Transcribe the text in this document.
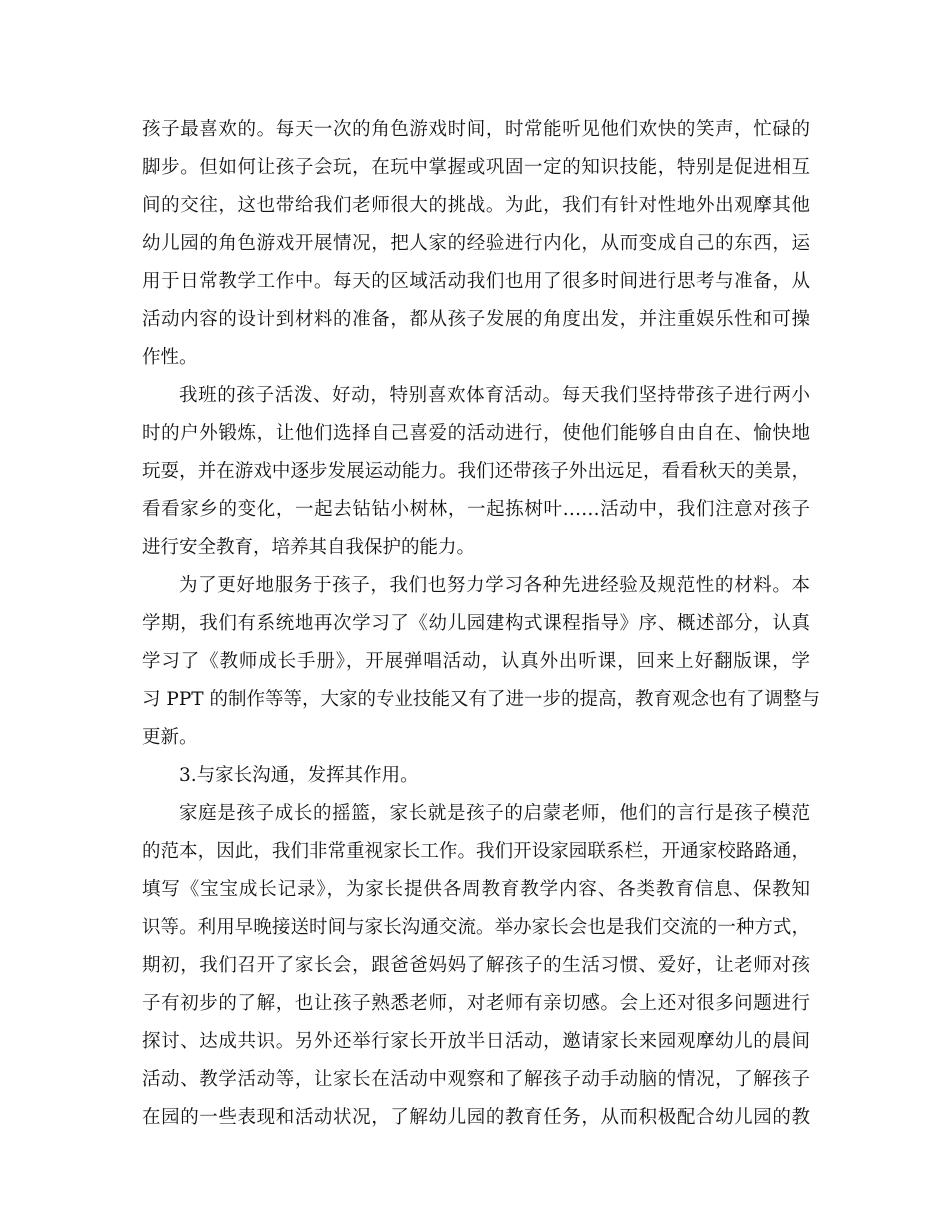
孩子最喜欢的。每天一次的角色游戏时间，时常能听见他们欢快的笑声，忙碌的
脚步。但如何让孩子会玩，在玩中掌握或巩固一定的知识技能，特别是促进相互
间的交往，这也带给我们老师很大的挑战。为此，我们有针对性地外出观摩其他
幼儿园的角色游戏开展情况，把人家的经验进行内化，从而变成自己的东西，运
用于日常教学工作中。每天的区域活动我们也用了很多时间进行思考与准备，从
活动内容的设计到材料的准备，都从孩子发展的角度出发，并注重娱乐性和可操
作性。
我班的孩子活泼、好动，特别喜欢体育活动。每天我们坚持带孩子进行两小
时的户外锻炼，让他们选择自己喜爱的活动进行，使他们能够自由自在、愉快地
玩耍，并在游戏中逐步发展运动能力。我们还带孩子外出远足，看看秋天的美景，
看看家乡的变化，一起去钻钻小树林，一起拣树叶……活动中，我们注意对孩子
进行安全教育，培养其自我保护的能力。
为了更好地服务于孩子，我们也努力学习各种先进经验及规范性的材料。本
学期，我们有系统地再次学习了《幼儿园建构式课程指导》序、概述部分，认真
学习了《教师成长手册》，开展弹唱活动，认真外出听课，回来上好翻版课，学
习 PPT 的制作等等，大家的专业技能又有了进一步的提高，教育观念也有了调整与
更新。
3.与家长沟通，发挥其作用。
家庭是孩子成长的摇篮，家长就是孩子的启蒙老师，他们的言行是孩子模范
的范本，因此，我们非常重视家长工作。我们开设家园联系栏，开通家校路路通，
填写《宝宝成长记录》，为家长提供各周教育教学内容、各类教育信息、保教知
识等。利用早晚接送时间与家长沟通交流。举办家长会也是我们交流的一种方式，
期初，我们召开了家长会，跟爸爸妈妈了解孩子的生活习惯、爱好，让老师对孩
子有初步的了解，也让孩子熟悉老师，对老师有亲切感。会上还对很多问题进行
探讨、达成共识。另外还举行家长开放半日活动，邀请家长来园观摩幼儿的晨间
活动、教学活动等，让家长在活动中观察和了解孩子动手动脑的情况，了解孩子
在园的一些表现和活动状况，了解幼儿园的教育任务，从而积极配合幼儿园的教
